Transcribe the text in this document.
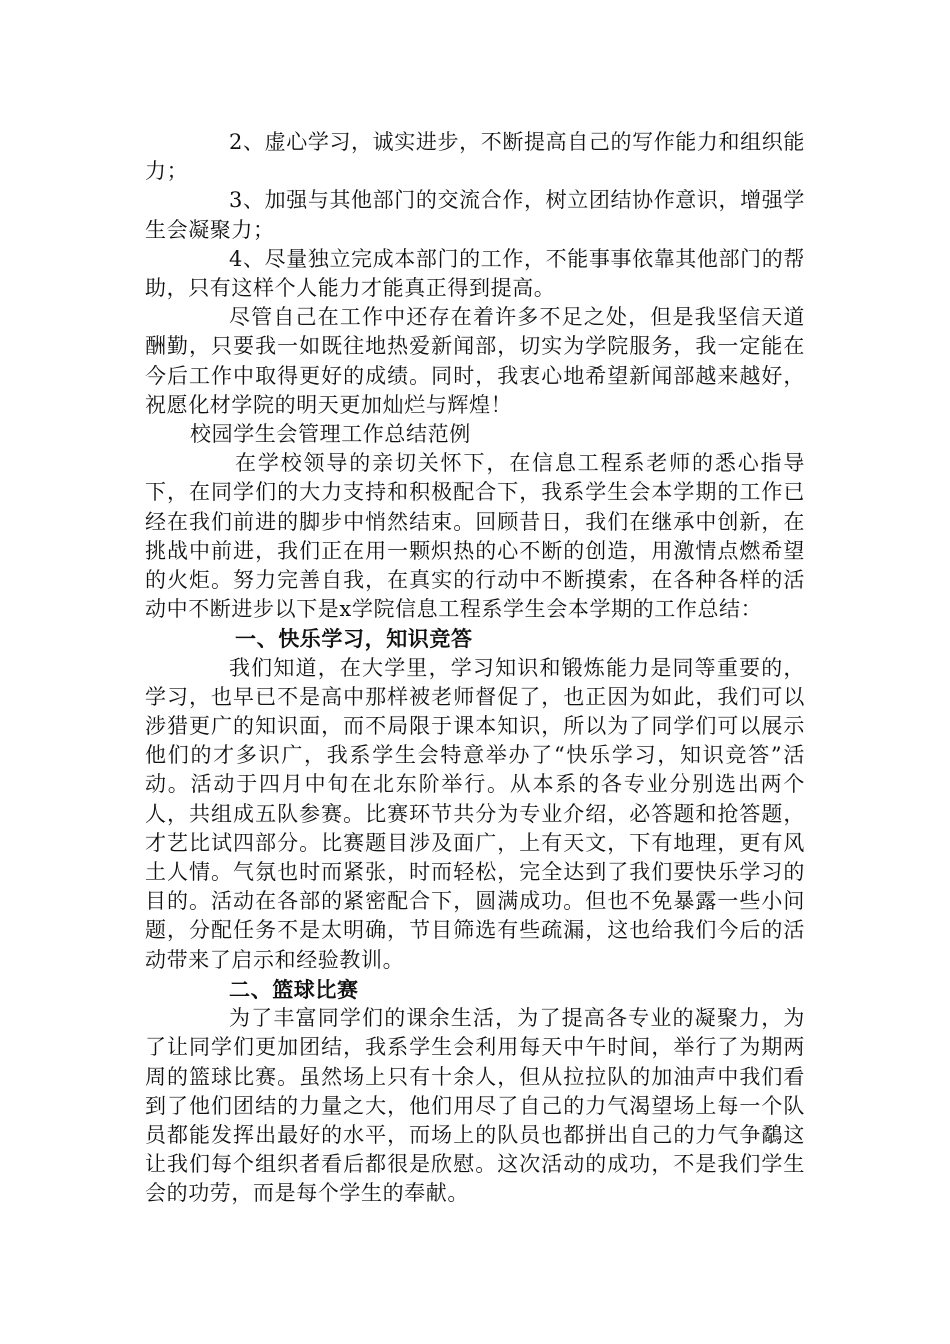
2、虚心学习，诚实进步，不断提高自己的写作能力和组织能力；

3、加强与其他部门的交流合作，树立团结协作意识，增强学生会凝聚力；

4、尽量独立完成本部门的工作，不能事事依靠其他部门的帮助，只有这样个人能力才能真正得到提高。

尽管自己在工作中还存在着许多不足之处，但是我坚信天道酬勤，只要我一如既往地热爱新闻部，切实为学院服务，我一定能在今后工作中取得更好的成绩。同时，我衷心地希望新闻部越来越好，祝愿化材学院的明天更加灿烂与辉煌！

校园学生会管理工作总结范例

在学校领导的亲切关怀下，在信息工程系老师的悉心指导下，在同学们的大力支持和积极配合下，我系学生会本学期的工作已经在我们前进的脚步中悄然结束。回顾昔日，我们在继承中创新，在挑战中前进，我们正在用一颗炽热的心不断的创造，用激情点燃希望的火炬。努力完善自我，在真实的行动中不断摸索，在各种各样的活动中不断进步以下是x学院信息工程系学生会本学期的工作总结：

一、快乐学习，知识竞答

我们知道，在大学里，学习知识和锻炼能力是同等重要的，学习，也早已不是高中那样被老师督促了，也正因为如此，我们可以涉猎更广的知识面，而不局限于课本知识，所以为了同学们可以展示他们的才多识广，我系学生会特意举办了“快乐学习，知识竞答”活动。活动于四月中旬在北东阶举行。从本系的各专业分别选出两个人，共组成五队参赛。比赛环节共分为专业介绍，必答题和抢答题，才艺比试四部分。比赛题目涉及面广，上有天文，下有地理，更有风土人情。气氛也时而紧张，时而轻松，完全达到了我们要快乐学习的目的。活动在各部的紧密配合下，圆满成功。但也不免暴露一些小问题，分配任务不是太明确，节目筛选有些疏漏，这也给我们今后的活动带来了启示和经验教训。

二、篮球比赛

为了丰富同学们的课余生活，为了提高各专业的凝聚力，为了让同学们更加团结，我系学生会利用每天中午时间，举行了为期两周的篮球比赛。虽然场上只有十余人，但从拉拉队的加油声中我们看到了他们团结的力量之大，他们用尽了自己的力气渴望场上每一个队员都能发挥出最好的水平，而场上的队员也都拼出自己的力气争鷸这让我们每个组织者看后都很是欣慰。这次活动的成功，不是我们学生会的功劳，而是每个学生的奉献。
